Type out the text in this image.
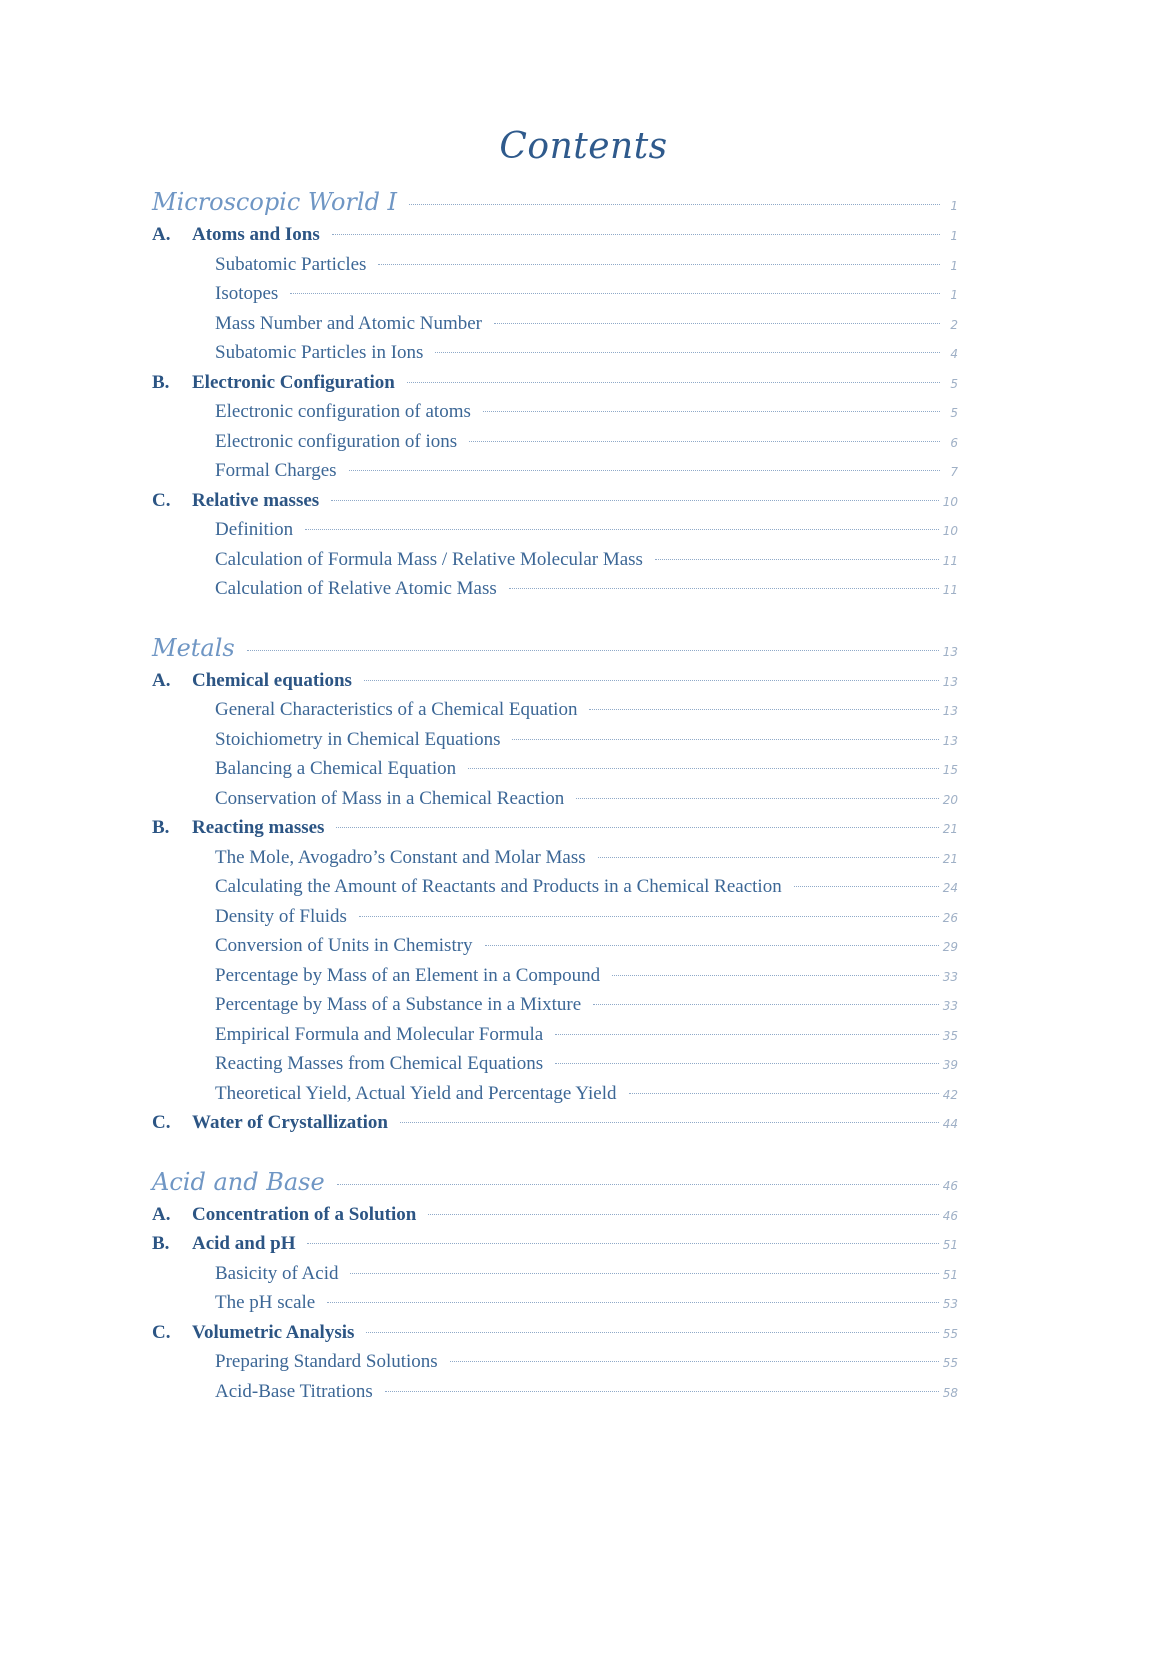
Contents
Microscopic World I	1
A.	Atoms and Ions	1
Subatomic Particles	1
Isotopes	1
Mass Number and Atomic Number	2
Subatomic Particles in Ions	4
B.	Electronic Configuration	5
Electronic configuration of atoms	5
Electronic configuration of ions	6
Formal Charges	7
C.	Relative masses	10
Definition	10
Calculation of Formula Mass / Relative Molecular Mass	11
Calculation of Relative Atomic Mass	11
Metals	13
A.	Chemical equations	13
General Characteristics of a Chemical Equation	13
Stoichiometry in Chemical Equations	13
Balancing a Chemical Equation	15
Conservation of Mass in a Chemical Reaction	20
B.	Reacting masses	21
The Mole, Avogadro’s Constant and Molar Mass	21
Calculating the Amount of Reactants and Products in a Chemical Reaction	24
Density of Fluids	26
Conversion of Units in Chemistry	29
Percentage by Mass of an Element in a Compound	33
Percentage by Mass of a Substance in a Mixture	33
Empirical Formula and Molecular Formula	35
Reacting Masses from Chemical Equations	39
Theoretical Yield, Actual Yield and Percentage Yield	42
C.	Water of Crystallization	44
Acid and Base	46
A.	Concentration of a Solution	46
B.	Acid and pH	51
Basicity of Acid	51
The pH scale	53
C.	Volumetric Analysis	55
Preparing Standard Solutions	55
Acid-Base Titrations	58
